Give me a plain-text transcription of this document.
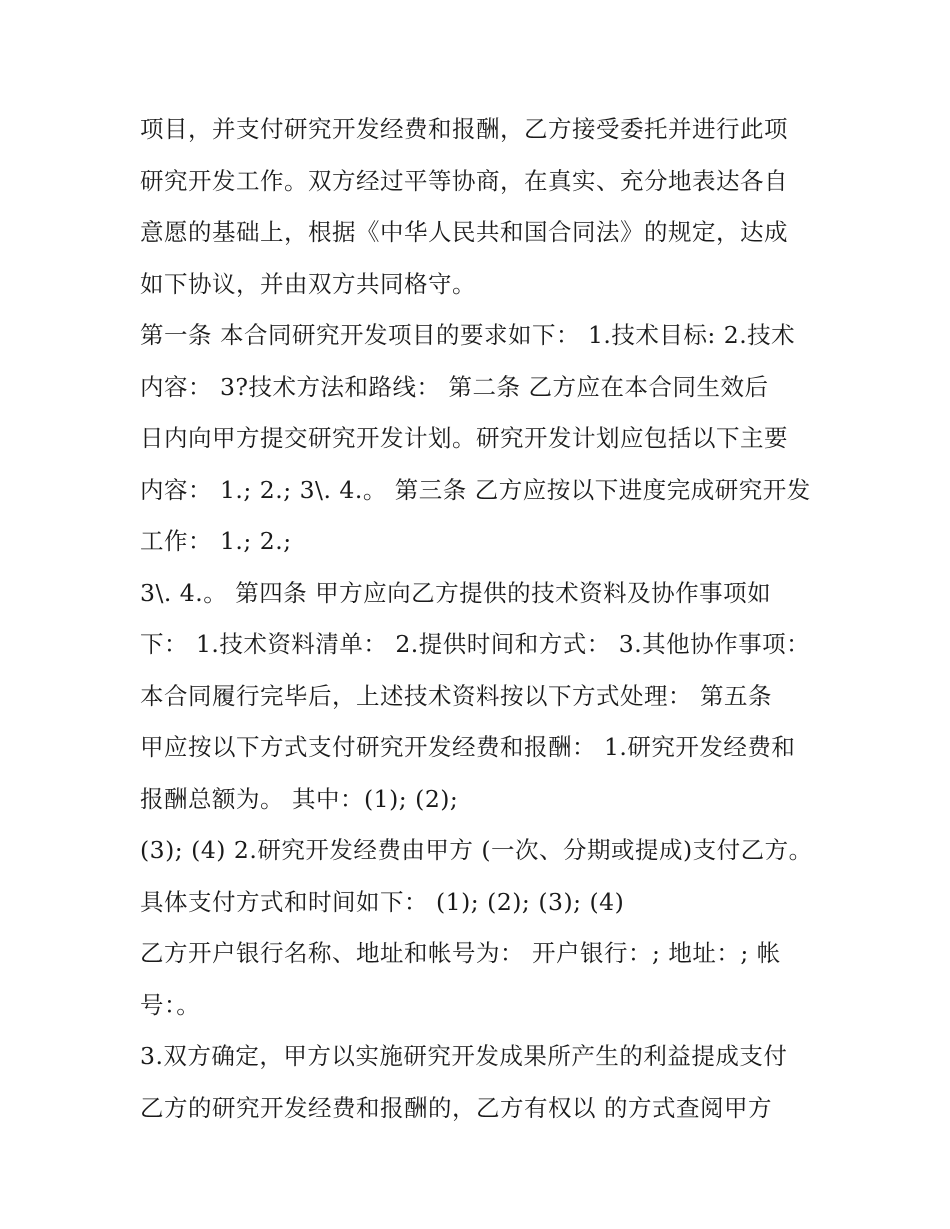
项目，并支付研究开发经费和报酬，乙方接受委托并进行此项
研究开发工作。双方经过平等协商，在真实、充分地表达各自
意愿的基础上，根据《中华人民共和国合同法》的规定，达成
如下协议，并由双方共同格守。
第一条 本合同研究开发项目的要求如下： 1.技术目标: 2.技术
内容： 3?技术方法和路线： 第二条 乙方应在本合同生效后
日内向甲方提交研究开发计划。研究开发计划应包括以下主要
内容： 1.; 2.; 3\. 4.。 第三条 乙方应按以下进度完成研究开发
工作： 1.; 2.;
3\. 4.。 第四条 甲方应向乙方提供的技术资料及协作事项如
下： 1.技术资料清单： 2.提供时间和方式： 3.其他协作事项：
本合同履行完毕后，上述技术资料按以下方式处理： 第五条
甲应按以下方式支付研究开发经费和报酬： 1.研究开发经费和
报酬总额为。 其中：(1); (2);
(3); (4) 2.研究开发经费由甲方 (一次、分期或提成)支付乙方。
具体支付方式和时间如下： (1); (2); (3); (4)
乙方开户银行名称、地址和帐号为： 开户银行：; 地址：; 帐
号：。
3.双方确定，甲方以实施研究开发成果所产生的利益提成支付
乙方的研究开发经费和报酬的，乙方有权以 的方式查阅甲方
